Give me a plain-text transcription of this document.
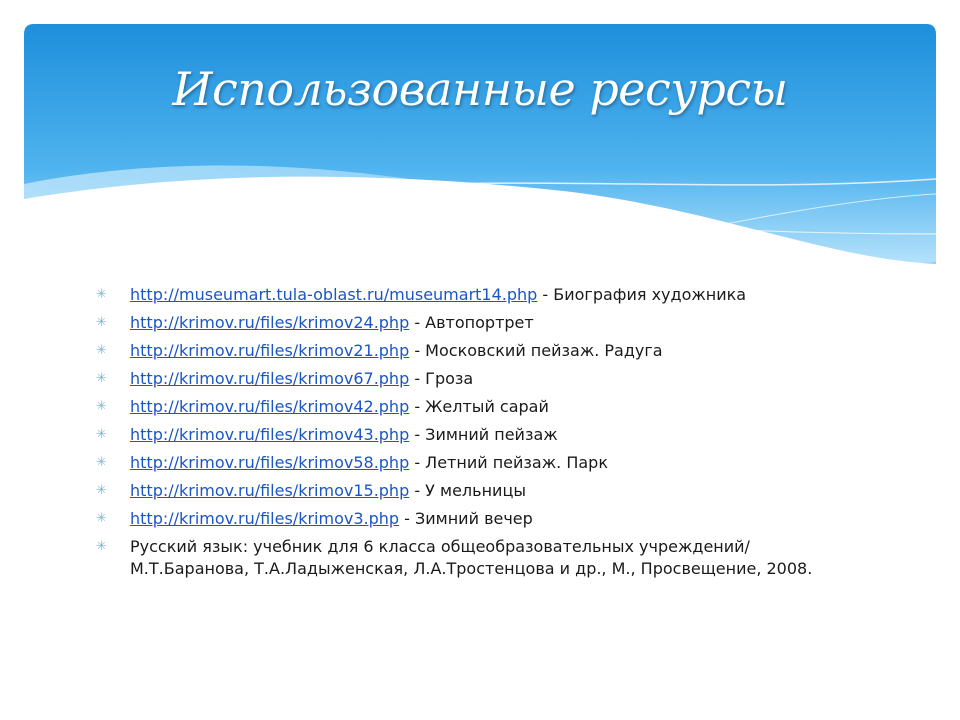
Использованные ресурсы
✳ http://museumart.tula-oblast.ru/museumart14.php - Биография художника
✳ http://krimov.ru/files/krimov24.php - Автопортрет
✳ http://krimov.ru/files/krimov21.php - Московский пейзаж. Радуга
✳ http://krimov.ru/files/krimov67.php - Гроза
✳ http://krimov.ru/files/krimov42.php - Желтый сарай
✳ http://krimov.ru/files/krimov43.php - Зимний пейзаж
✳ http://krimov.ru/files/krimov58.php - Летний пейзаж. Парк
✳ http://krimov.ru/files/krimov15.php - У мельницы
✳ http://krimov.ru/files/krimov3.php - Зимний вечер
✳ Русский язык: учебник для 6 класса общеобразовательных учреждений/ М.Т.Баранова, Т.А.Ладыженская, Л.А.Тростенцова и др., М., Просвещение, 2008.
